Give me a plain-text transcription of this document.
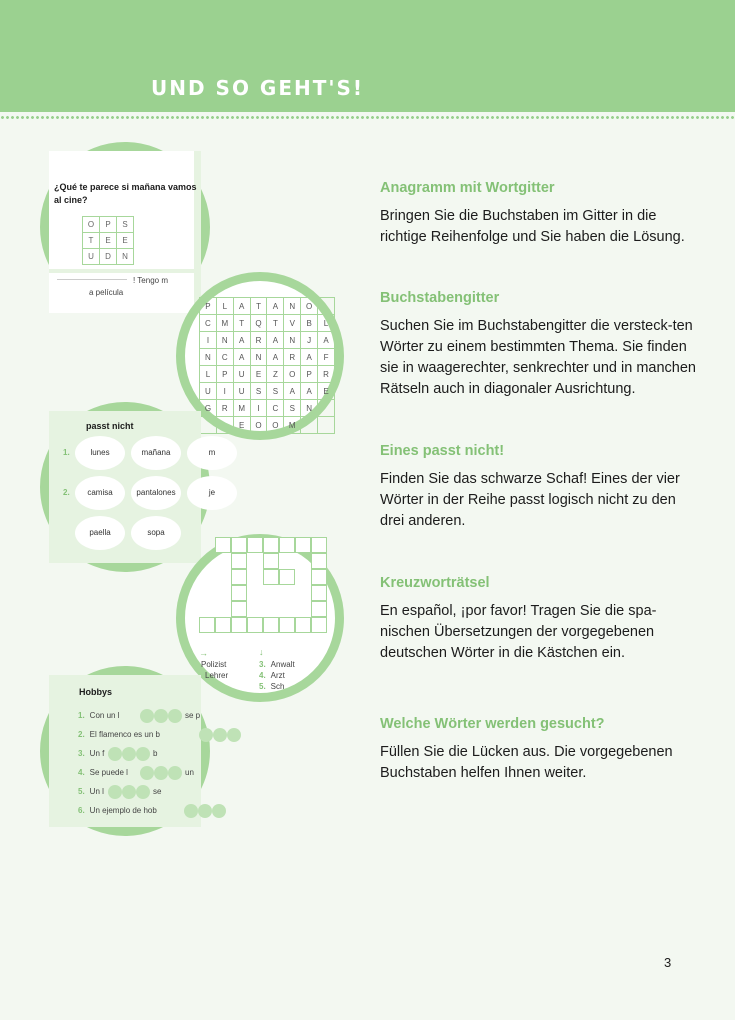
UND SO GEHT'S!
¿Qué te parece si mañana vamos al cine?
O	P	S
T	E	E
U	D	N
! Tengo m
a película
P	L	A	T	A	N	O	
C	M	T	Q	T	V	B	L
I	N	A	R	A	N	J	A
N	C	A	N	A	R	A	F
L	P	U	E	Z	O	P	R
U	I	U	S	S	A	A	E
G	R	M	I	C	S	N	
		E	O	O	M		
passt nicht
1.
2.
lunes	mañana	m
camisa	pantalones	je
paella	sopa
→	↓
Polizist
Lehrer
3. Anwalt
4. Arzt
5. Sch
Hobbys
1. Con un l	se p
2. El flamenco es un b
3. Un f	b
4. Se puede l	un
5. Un l	se
6. Un ejemplo de hob
Anagramm mit Wortgitter

Bringen Sie die Buchstaben im Gitter in die richtige Reihenfolge und Sie haben die Lösung.

Buchstabengitter

Suchen Sie im Buchstabengitter die versteck-ten Wörter zu einem bestimmten Thema. Sie finden sie in waagerechter, senkrechter und in manchen Rätseln auch in diagonaler Ausrichtung.

Eines passt nicht!

Finden Sie das schwarze Schaf! Eines der vier Wörter in der Reihe passt logisch nicht zu den drei anderen.

Kreuzworträtsel

En español, ¡por favor! Tragen Sie die spa-nischen Übersetzungen der vorgegebenen deutschen Wörter in die Kästchen ein.

Welche Wörter werden gesucht?

Füllen Sie die Lücken aus. Die vorgegebenen Buchstaben helfen Ihnen weiter.

3
